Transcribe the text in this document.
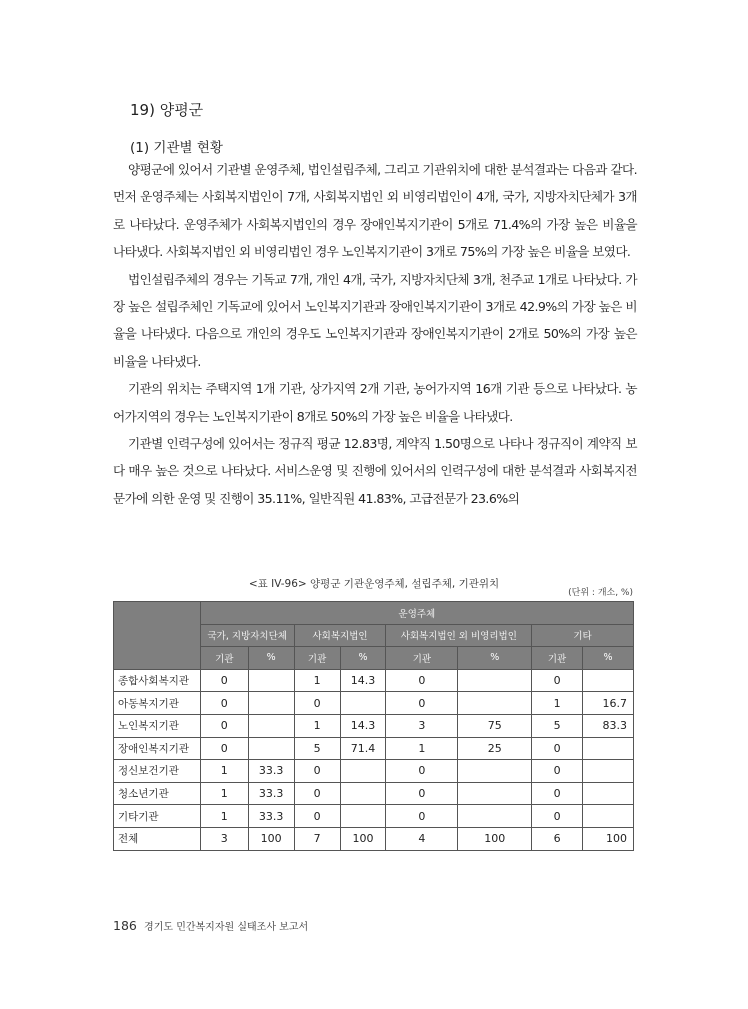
19) 양평군
(1) 기관별 현황

양평군에 있어서 기관별 운영주체, 법인설립주체, 그리고 기관위치에 대한 분석결과는 다음과 같다. 먼저 운영주체는 사회복지법인이 7개, 사회복지법인 외 비영리법인이 4개, 국가, 지방자치단체가 3개로 나타났다. 운영주체가 사회복지법인의 경우 장애인복지기관이 5개로 71.4%의 가장 높은 비율을 나타냈다. 사회복지법인 외 비영리법인 경우 노인복지기관이 3개로 75%의 가장 높은 비율을 보였다.

법인설립주체의 경우는 기독교 7개, 개인 4개, 국가, 지방자치단체 3개, 천주교 1개로 나타났다. 가장 높은 설립주체인 기독교에 있어서 노인복지기관과 장애인복지기관이 3개로 42.9%의 가장 높은 비율을 나타냈다. 다음으로 개인의 경우도 노인복지기관과 장애인복지기관이 2개로 50%의 가장 높은 비율을 나타냈다.

기관의 위치는 주택지역 1개 기관, 상가지역 2개 기관, 농어가지역 16개 기관 등으로 나타났다. 농어가지역의 경우는 노인복지기관이 8개로 50%의 가장 높은 비율을 나타냈다.

기관별 인력구성에 있어서는 정규직 평균 12.83명, 계약직 1.50명으로 나타나 정규직이 계약직 보다 매우 높은 것으로 나타났다. 서비스운영 및 진행에 있어서의 인력구성에 대한 분석결과 사회복지전문가에 의한 운영 및 진행이 35.11%, 일반직원 41.83%, 고급전문가 23.6%의

<표 IV-96> 양평군 기관운영주체, 설립주체, 기관위치
(단위 : 개소, %)
	운영주체							
	국가, 지방자치단체		사회복지법인		사회복지법인 외 비영리법인		기타	
	기관	%	기관	%	기관	%	기관	%
종합사회복지관	0		1	14.3	0		0	
아동복지기관	0		0		0		1	16.7
노인복지기관	0		1	14.3	3	75	5	83.3
장애인복지기관	0		5	71.4	1	25	0	
정신보건기관	1	33.3	0		0		0	
청소년기관	1	33.3	0		0		0	
기타기관	1	33.3	0		0		0	
전체	3	100	7	100	4	100	6	100
186 경기도 민간복지자원 실태조사 보고서
